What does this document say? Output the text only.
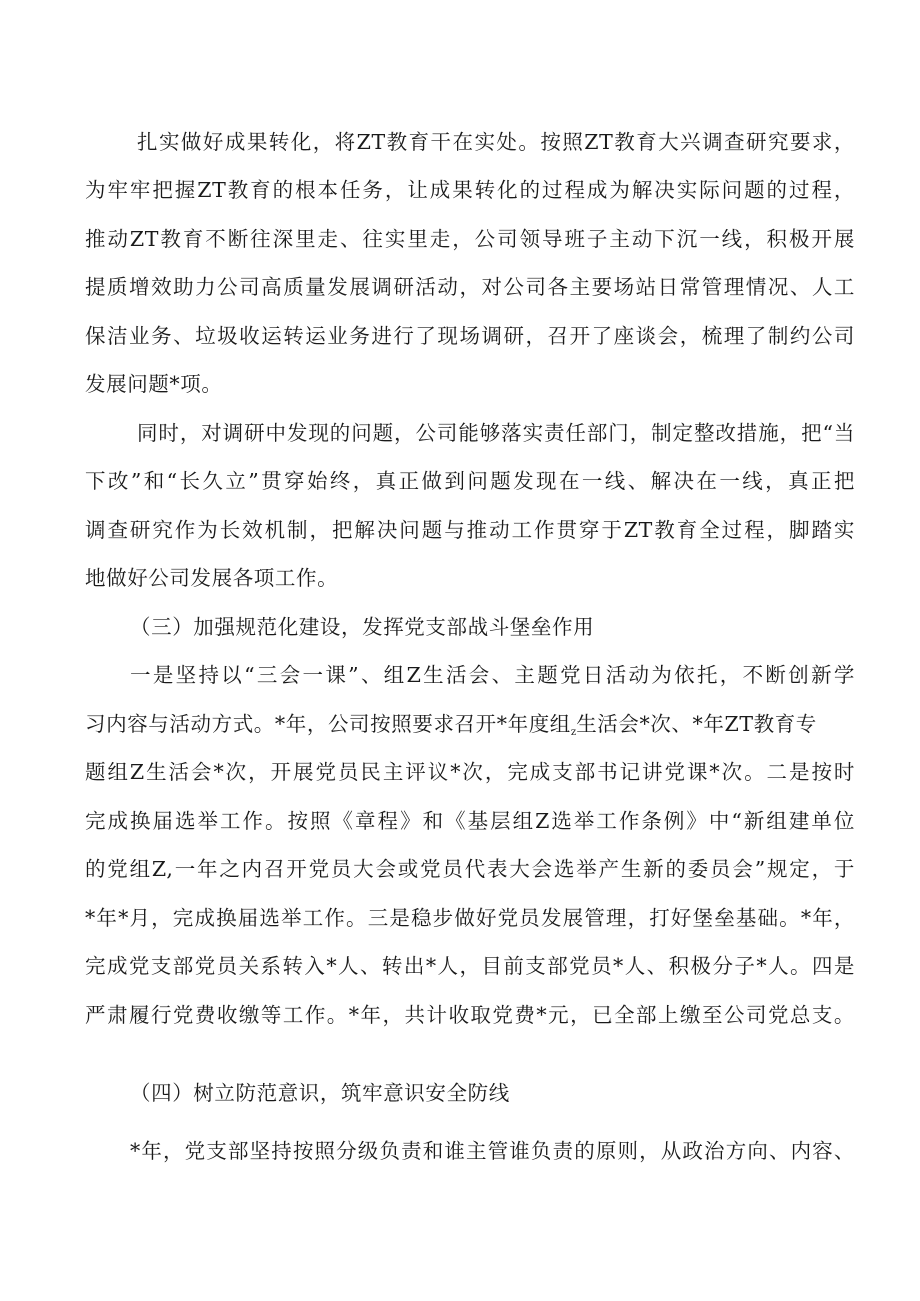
扎实做好成果转化，将ZT教育干在实处。按照ZT教育大兴调查研究要求，
为牢牢把握ZT教育的根本任务，让成果转化的过程成为解决实际问题的过程，
推动ZT教育不断往深里走、往实里走，公司领导班子主动下沉一线，积极开展
提质增效助力公司高质量发展调研活动，对公司各主要场站日常管理情况、人工
保洁业务、垃圾收运转运业务进行了现场调研，召开了座谈会，梳理了制约公司
发展问题*项。
同时，对调研中发现的问题，公司能够落实责任部门，制定整改措施，把“当
下改”和“长久立”贯穿始终，真正做到问题发现在一线、解决在一线，真正把
调查研究作为长效机制，把解决问题与推动工作贯穿于ZT教育全过程，脚踏实
地做好公司发展各项工作。
（三）加强规范化建设，发挥党支部战斗堡垒作用
一是坚持以“三会一课”、组Z生活会、主题党日活动为依托，不断创新学
习内容与活动方式。*年，公司按照要求召开*年度组$_z$生活会*次、*年ZT教育专
题组Z生活会*次，开展党员民主评议*次，完成支部书记讲党课*次。二是按时
完成换届选举工作。按照《章程》和《基层组Z选举工作条例》中“新组建单位
的党组Z,一年之内召开党员大会或党员代表大会选举产生新的委员会”规定，于
*年*月，完成换届选举工作。三是稳步做好党员发展管理，打好堡垒基础。*年，
完成党支部党员关系转入*人、转出*人，目前支部党员*人、积极分子*人。四是
严肃履行党费收缴等工作。*年，共计收取党费*元，已全部上缴至公司党总支。
（四）树立防范意识，筑牢意识安全防线
*年，党支部坚持按照分级负责和谁主管谁负责的原则，从政治方向、内容、
